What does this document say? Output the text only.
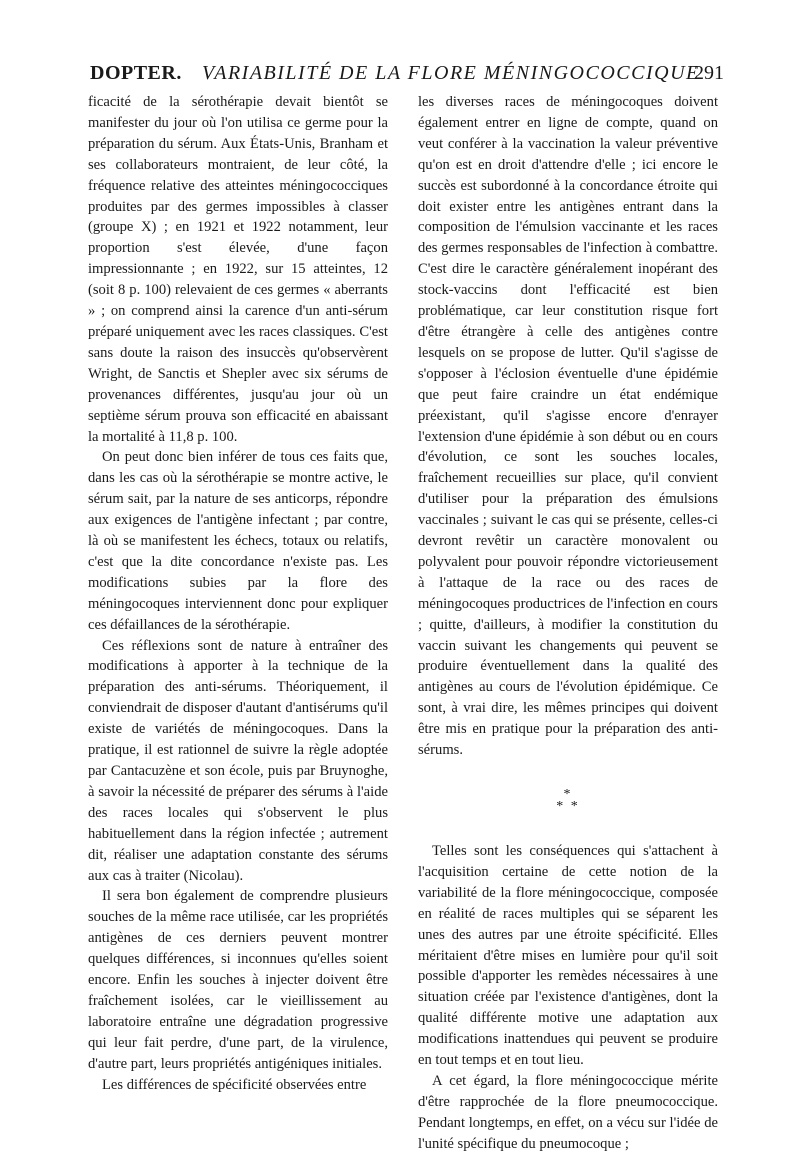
DOPTER. VARIABILITÉ DE LA FLORE MÉNINGOCOCCIQUE
291

ficacité de la sérothérapie devait bientôt se manifester du jour où l'on utilisa ce germe pour la préparation du sérum. Aux États-Unis, Branham et ses collaborateurs montraient, de leur côté, la fréquence relative des atteintes méningococciques produites par des germes impossibles à classer (groupe X) ; en 1921 et 1922 notamment, leur proportion s'est élevée, d'une façon impressionnante ; en 1922, sur 15 atteintes, 12 (soit 8 p. 100) relevaient de ces germes « aberrants » ; on comprend ainsi la carence d'un anti-sérum préparé uniquement avec les races classiques. C'est sans doute la raison des insuccès qu'observèrent Wright, de Sanctis et Shepler avec six sérums de provenances différentes, jusqu'au jour où un septième sérum prouva son efficacité en abaissant la mortalité à 11,8 p. 100.

On peut donc bien inférer de tous ces faits que, dans les cas où la sérothérapie se montre active, le sérum sait, par la nature de ses anticorps, répondre aux exigences de l'antigène infectant ; par contre, là où se manifestent les échecs, totaux ou relatifs, c'est que la dite concordance n'existe pas. Les modifications subies par la flore des méningocoques interviennent donc pour expliquer ces défaillances de la sérothérapie.

Ces réflexions sont de nature à entraîner des modifications à apporter à la technique de la préparation des anti-sérums. Théoriquement, il conviendrait de disposer d'autant d'antisérums qu'il existe de variétés de méningocoques. Dans la pratique, il est rationnel de suivre la règle adoptée par Cantacuzène et son école, puis par Bruynoghe, à savoir la nécessité de préparer des sérums à l'aide des races locales qui s'observent le plus habituellement dans la région infectée ; autrement dit, réaliser une adaptation constante des sérums aux cas à traiter (Nicolau).

Il sera bon également de comprendre plusieurs souches de la même race utilisée, car les propriétés antigènes de ces derniers peuvent montrer quelques différences, si inconnues qu'elles soient encore. Enfin les souches à injecter doivent être fraîchement isolées, car le vieillissement au laboratoire entraîne une dégradation progressive qui leur fait perdre, d'une part, de la virulence, d'autre part, leurs propriétés antigéniques initiales.

Les différences de spécificité observées entre

les diverses races de méningocoques doivent également entrer en ligne de compte, quand on veut conférer à la vaccination la valeur préventive qu'on est en droit d'attendre d'elle ; ici encore le succès est subordonné à la concordance étroite qui doit exister entre les antigènes entrant dans la composition de l'émulsion vaccinante et les races des germes responsables de l'infection à combattre. C'est dire le caractère généralement inopérant des stock-vaccins dont l'efficacité est bien problématique, car leur constitution risque fort d'être étrangère à celle des antigènes contre lesquels on se propose de lutter. Qu'il s'agisse de s'opposer à l'éclosion éventuelle d'une épidémie que peut faire craindre un état endémique préexistant, qu'il s'agisse encore d'enrayer l'extension d'une épidémie à son début ou en cours d'évolution, ce sont les souches locales, fraîchement recueillies sur place, qu'il convient d'utiliser pour la préparation des émulsions vaccinales ; suivant le cas qui se présente, celles-ci devront revêtir un caractère monovalent ou polyvalent pour pouvoir répondre victorieusement à l'attaque de la race ou des races de méningocoques productrices de l'infection en cours ; quitte, d'ailleurs, à modifier la constitution du vaccin suivant les changements qui peuvent se produire éventuellement dans la qualité des antigènes au cours de l'évolution épidémique. Ce sont, à vrai dire, les mêmes principes qui doivent être mis en pratique pour la préparation des anti-sérums.

*
* *

Telles sont les conséquences qui s'attachent à l'acquisition certaine de cette notion de la variabilité de la flore méningococcique, composée en réalité de races multiples qui se séparent les unes des autres par une étroite spécificité. Elles méritaient d'être mises en lumière pour qu'il soit possible d'apporter les remèdes nécessaires à une situation créée par l'existence d'antigènes, dont la qualité différente motive une adaptation aux modifications inattendues qui peuvent se produire en tout temps et en tout lieu.

A cet égard, la flore méningococcique mérite d'être rapprochée de la flore pneumococcique. Pendant longtemps, en effet, on a vécu sur l'idée de l'unité spécifique du pneumocoque ;
